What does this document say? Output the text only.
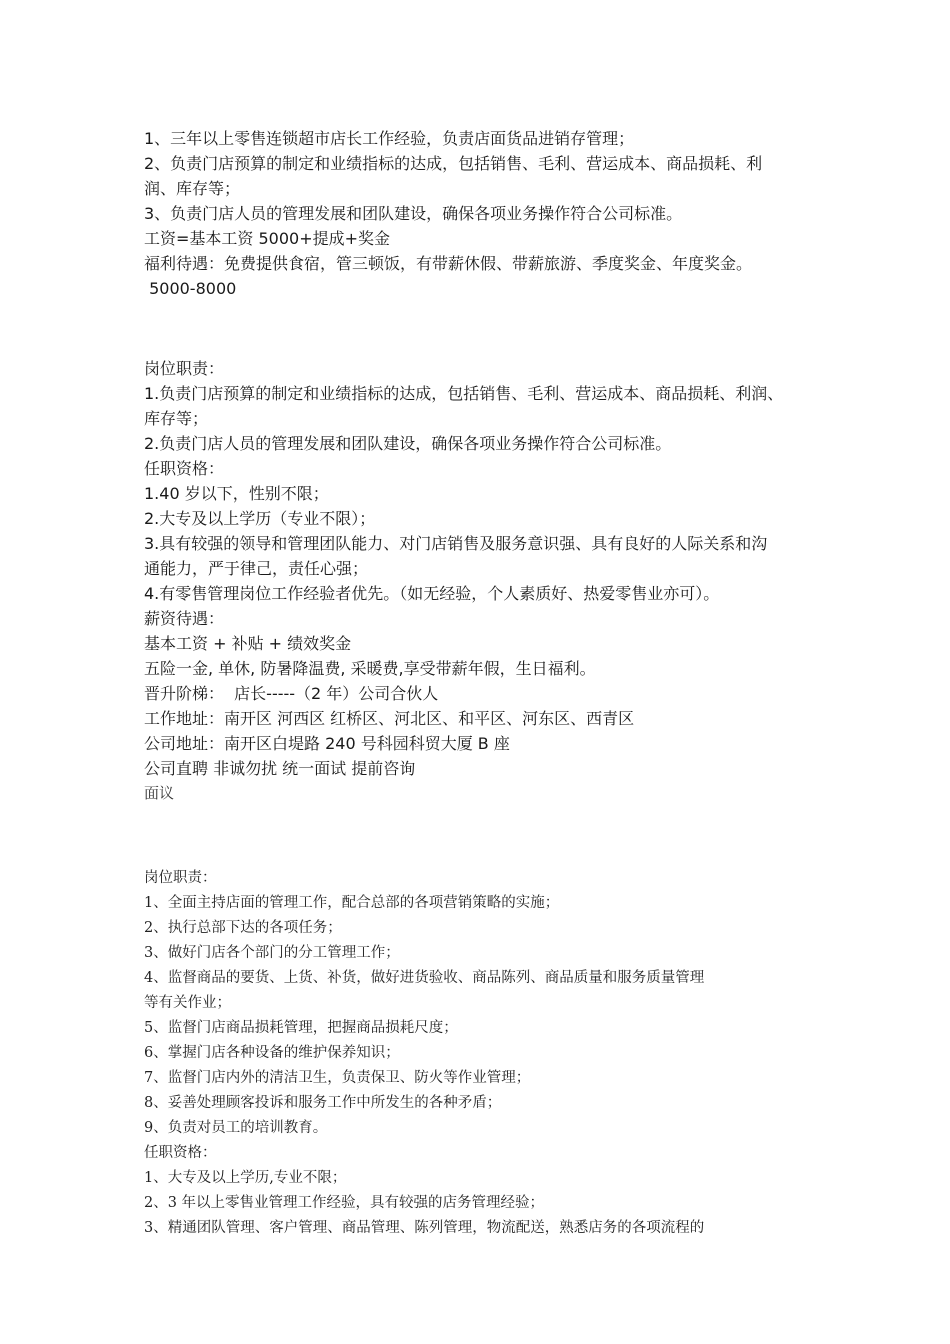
1、三年以上零售连锁超市店长工作经验，负责店面货品进销存管理；
2、负责门店预算的制定和业绩指标的达成，包括销售、毛利、营运成本、商品损耗、利
润、库存等；
3、负责门店人员的管理发展和团队建设，确保各项业务操作符合公司标准。
工资=基本工资 5000+提成+奖金
福利待遇：免费提供食宿，管三顿饭，有带薪休假、带薪旅游、季度奖金、年度奖金。
5000-8000
岗位职责：
1.负责门店预算的制定和业绩指标的达成，包括销售、毛利、营运成本、商品损耗、利润、
库存等；
2.负责门店人员的管理发展和团队建设，确保各项业务操作符合公司标准。
任职资格：
1.40 岁以下，性别不限；
2.大专及以上学历（专业不限）；
3.具有较强的领导和管理团队能力、对门店销售及服务意识强、具有良好的人际关系和沟
通能力，严于律己，责任心强；
4.有零售管理岗位工作经验者优先。（如无经验，个人素质好、热爱零售业亦可）。
薪资待遇：
基本工资 + 补贴 + 绩效奖金
五险一金, 单休, 防暑降温费, 采暖费,享受带薪年假，生日福利。
晋升阶梯：  店长-----（2 年）公司合伙人
工作地址：南开区 河西区 红桥区、河北区、和平区、河东区、西青区
公司地址：南开区白堤路 240 号科园科贸大厦 B 座
公司直聘 非诚勿扰 统一面试 提前咨询
面议
岗位职责：
1、全面主持店面的管理工作，配合总部的各项营销策略的实施；
2、执行总部下达的各项任务；
3、做好门店各个部门的分工管理工作；
4、监督商品的要货、上货、补货，做好进货验收、商品陈列、商品质量和服务质量管理
等有关作业；
5、监督门店商品损耗管理，把握商品损耗尺度；
6、掌握门店各种设备的维护保养知识；
7、监督门店内外的清洁卫生，负责保卫、防火等作业管理；
8、妥善处理顾客投诉和服务工作中所发生的各种矛盾；
9、负责对员工的培训教育。
任职资格：
1、大专及以上学历,专业不限；
2、3 年以上零售业管理工作经验，具有较强的店务管理经验；
3、精通团队管理、客户管理、商品管理、陈列管理，物流配送，熟悉店务的各项流程的
